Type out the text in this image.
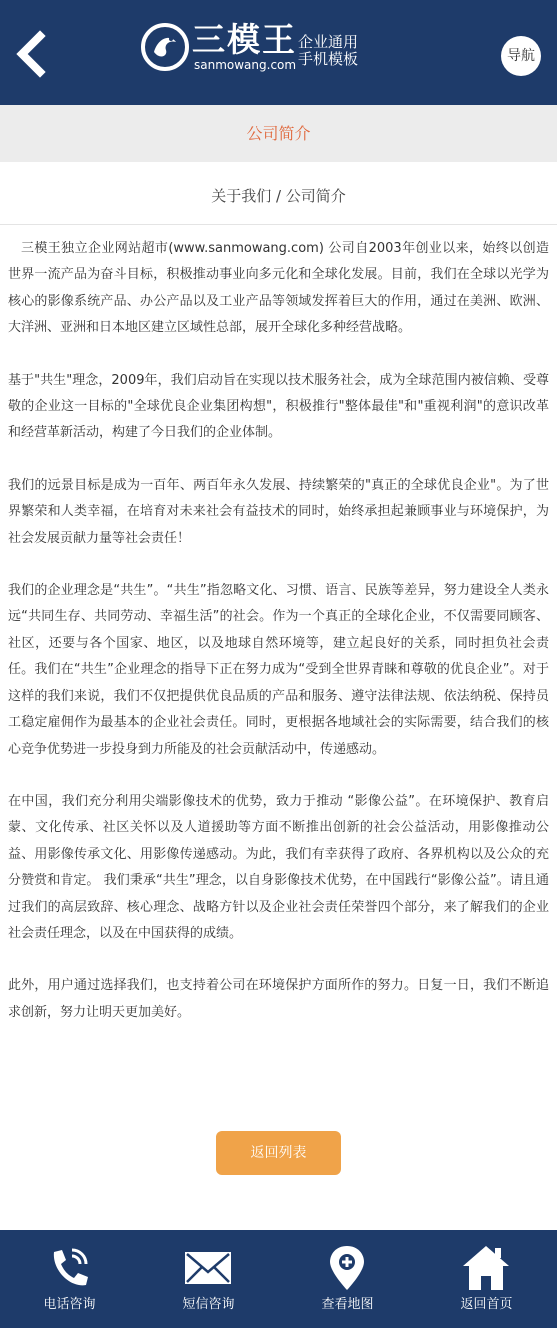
三模王
sanmowang.com
企业通用
手机模板	导航
公司简介
关于我们 / 公司简介

三模王独立企业网站超市(www.sanmowang.com) 公司自2003年创业以来，始终以创造世界一流产品为奋斗目标，积极推动事业向多元化和全球化发展。目前，我们在全球以光学为核心的影像系统产品、办公产品以及工业产品等领域发挥着巨大的作用，通过在美洲、欧洲、大洋洲、亚洲和日本地区建立区域性总部，展开全球化多种经营战略。

基于"共生"理念，2009年，我们启动旨在实现以技术服务社会，成为全球范围内被信赖、受尊敬的企业这一目标的"全球优良企业集团构想"，积极推行"整体最佳"和"重视利润"的意识改革和经营革新活动，构建了今日我们的企业体制。

我们的远景目标是成为一百年、两百年永久发展、持续繁荣的"真正的全球优良企业"。为了世界繁荣和人类幸福，在培育对未来社会有益技术的同时，始终承担起兼顾事业与环境保护，为社会发展贡献力量等社会责任！

我们的企业理念是“共生”。“共生”指忽略文化、习惯、语言、民族等差异，努力建设全人类永远“共同生存、共同劳动、幸福生活”的社会。作为一个真正的全球化企业，不仅需要同顾客、社区，还要与各个国家、地区，以及地球自然环境等，建立起良好的关系，同时担负社会责任。我们在“共生”企业理念的指导下正在努力成为“受到全世界青睐和尊敬的优良企业”。对于这样的我们来说，我们不仅把提供优良品质的产品和服务、遵守法律法规、依法纳税、保持员工稳定雇佣作为最基本的企业社会责任。同时，更根据各地域社会的实际需要，结合我们的核心竞争优势进一步投身到力所能及的社会贡献活动中，传递感动。

在中国，我们充分利用尖端影像技术的优势，致力于推动 “影像公益”。在环境保护、教育启蒙、文化传承、社区关怀以及人道援助等方面不断推出创新的社会公益活动，用影像推动公益、用影像传承文化、用影像传递感动。为此，我们有幸获得了政府、各界机构以及公众的充分赞赏和肯定。 我们秉承“共生”理念，以自身影像技术优势，在中国践行“影像公益”。请且通过我们的高层致辞、核心理念、战略方针以及企业社会责任荣誉四个部分，来了解我们的企业社会责任理念，以及在中国获得的成绩。

此外，用户通过选择我们，也支持着公司在环境保护方面所作的努力。日复一日，我们不断追求创新，努力让明天更加美好。

返回列表
电话咨询	短信咨询	查看地图	返回首页
